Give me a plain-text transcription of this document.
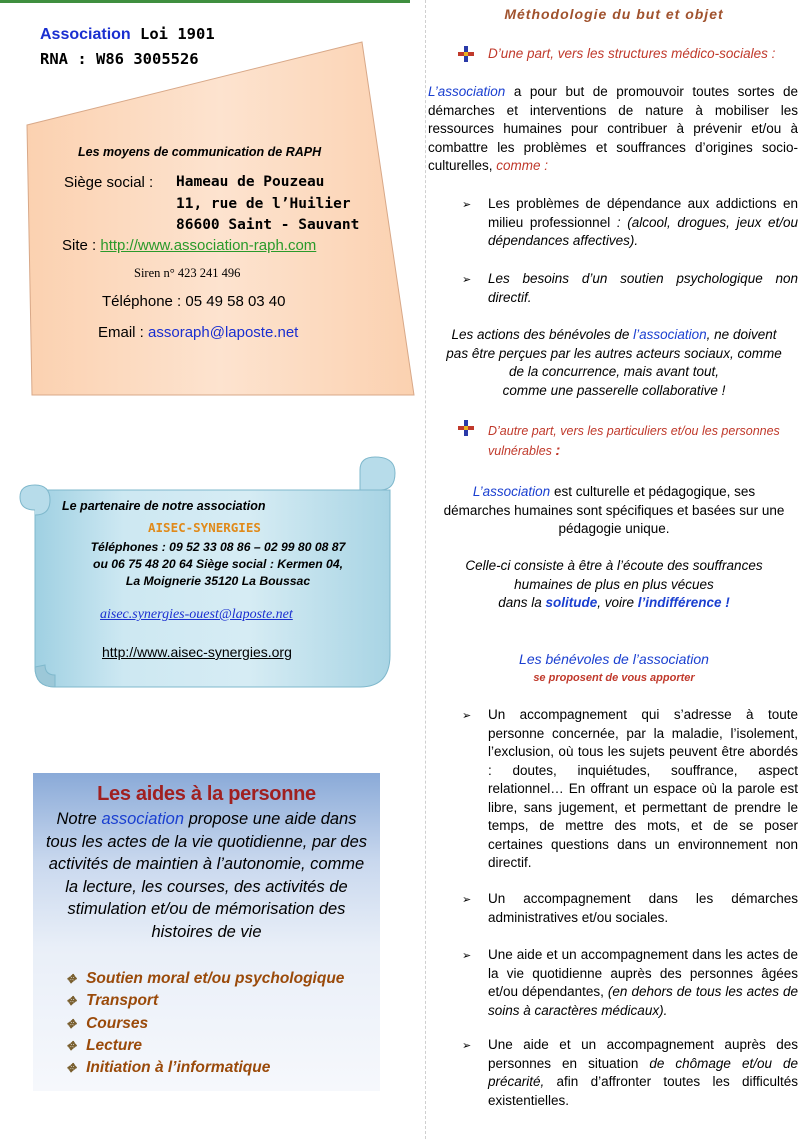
Association Loi 1901
RNA : W86 3005526
Les moyens de communication de RAPH
Siège social : Hameau de Pouzeau
11, rue de l’Huilier
86600 Saint - Sauvant
Site : http://www.association-raph.com
Siren n° 423 241 496
Téléphone : 05 49 58 03 40
Email : assoraph@laposte.net
Le partenaire de notre association
AISEC-SYNERGIES
Téléphones : 09 52 33 08 86 – 02 99 80 08 87
ou 06 75 48 20 64 Siège social : Kermen 04,
La Moignerie 35120 La Boussac
aisec.synergies-ouest@laposte.net
http://www.aisec-synergies.org
Les aides à la personne
Notre association propose une aide dans
tous les actes de la vie quotidienne, par des
activités de maintien à l’autonomie, comme
la lecture, les courses, des activités de
stimulation et/ou de mémorisation des
histoires de vie
✥ Soutien moral et/ou psychologique
✥ Transport
✥ Courses
✥ Lecture
✥ Initiation à l’informatique
Méthodologie du but et objet
D’une part, vers les structures médico-sociales :
L’association a pour but de promouvoir toutes sortes de démarches et interventions de nature à mobiliser les ressources humaines pour contribuer à prévenir et/ou à combattre les problèmes et souffrances d’origines socio-culturelles, comme :
➢ Les problèmes de dépendance aux addictions en milieu professionnel : (alcool, drogues, jeux et/ou dépendances affectives).
➢ Les besoins d’un soutien psychologique non directif.
Les actions des bénévoles de l’association, ne doivent
pas être perçues par les autres acteurs sociaux, comme
de la concurrence, mais avant tout,
comme une passerelle collaborative !
D’autre part, vers les particuliers et/ou les personnes
vulnérables :
L’association est culturelle et pédagogique, ses
démarches humaines sont spécifiques et basées sur une
pédagogie unique.
Celle-ci consiste à être à l’écoute des souffrances
humaines de plus en plus vécues
dans la solitude, voire l’indifférence !
Les bénévoles de l’association
se proposent de vous apporter
➢ Un accompagnement qui s’adresse à toute personne concernée, par la maladie, l’isolement, l’exclusion, où tous les sujets peuvent être abordés : doutes, inquiétudes, souffrance, aspect relationnel… En offrant un espace où la parole est libre, sans jugement, et permettant de prendre le temps, de mettre des mots, et de se poser certaines questions dans un environnement non directif.
➢ Un accompagnement dans les démarches administratives et/ou sociales.
➢ Une aide et un accompagnement dans les actes de la vie quotidienne auprès des personnes âgées et/ou dépendantes, (en dehors de tous les actes de soins à caractères médicaux).
➢ Une aide et un accompagnement auprès des personnes en situation de chômage et/ou de précarité, afin d’affronter toutes les difficultés existentielles.
